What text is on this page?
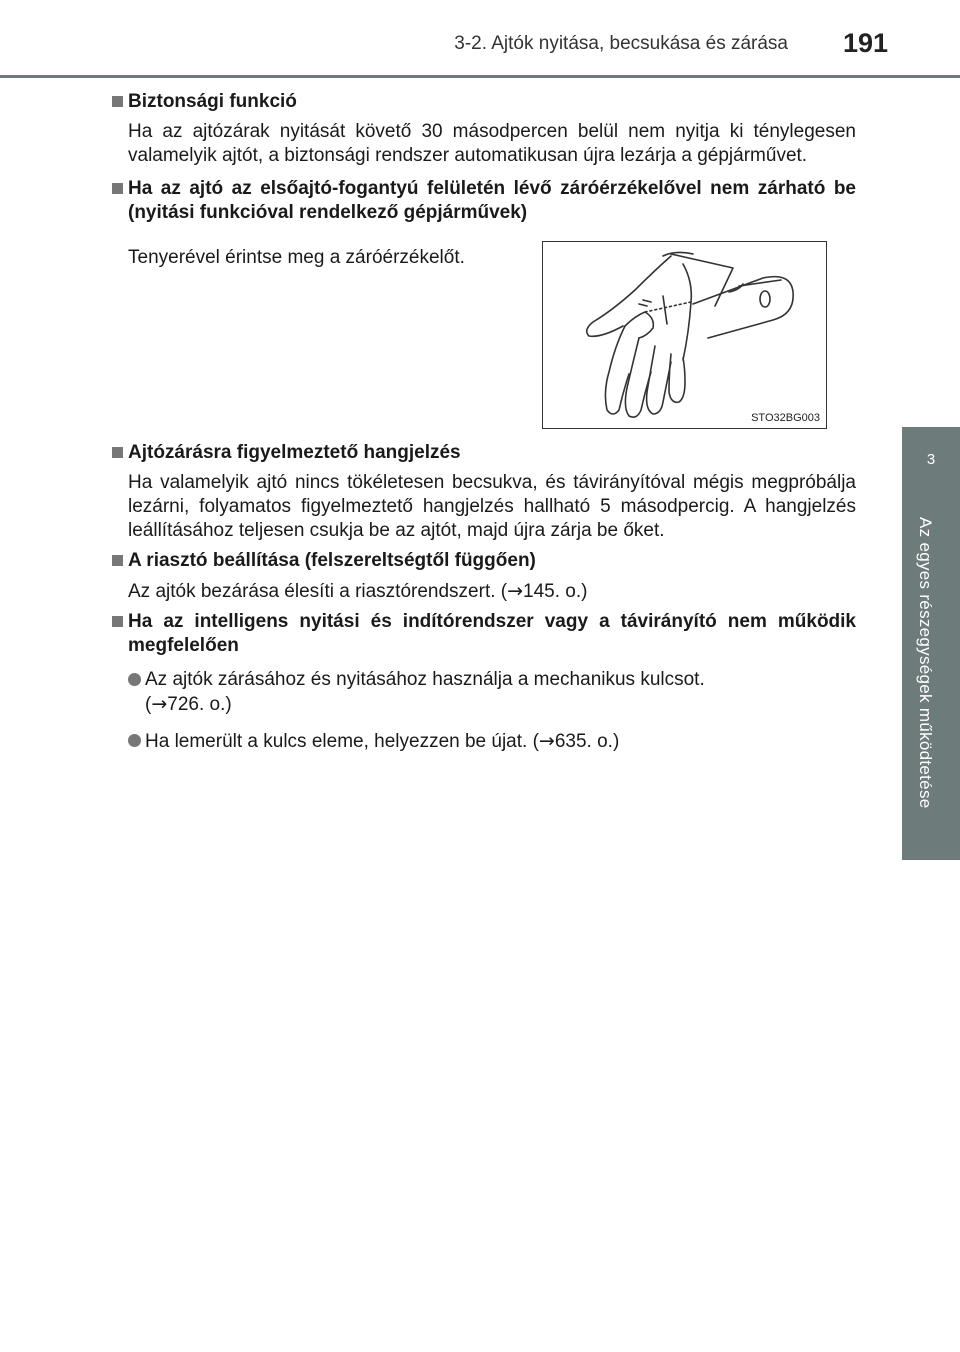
3-2. Ajtók nyitása, becsukása és zárása 191
3
Az egyes részegységek működtetése
Biztonsági funkció

Ha az ajtózárak nyitását követő 30 másodpercen belül nem nyitja ki ténylegesen valamelyik ajtót, a biztonsági rendszer automatikusan újra lezárja a gépjárművet.

Ha az ajtó az elsőajtó-fogantyú felületén lévő záróérzékelővel nem zárható be (nyitási funkcióval rendelkező gépjárművek)
Tenyerével érintse meg a záróérzékelőt.
STO32BG003
Ajtózárásra figyelmeztető hangjelzés

Ha valamelyik ajtó nincs tökéletesen becsukva, és távirányítóval mégis megpróbálja lezárni, folyamatos figyelmeztető hangjelzés hallható 5 másodpercig. A hangjelzés leállításához teljesen csukja be az ajtót, majd újra zárja be őket.

A riasztó beállítása (felszereltségtől függően)

Az ajtók bezárása élesíti a riasztórendszert. (→145. o.)

Ha az intelligens nyitási és indítórendszer vagy a távirányító nem működik megfelelően
Az ajtók zárásához és nyitásához használja a mechanikus kulcsot.
(→726. o.)
Ha lemerült a kulcs eleme, helyezzen be újat. (→635. o.)
